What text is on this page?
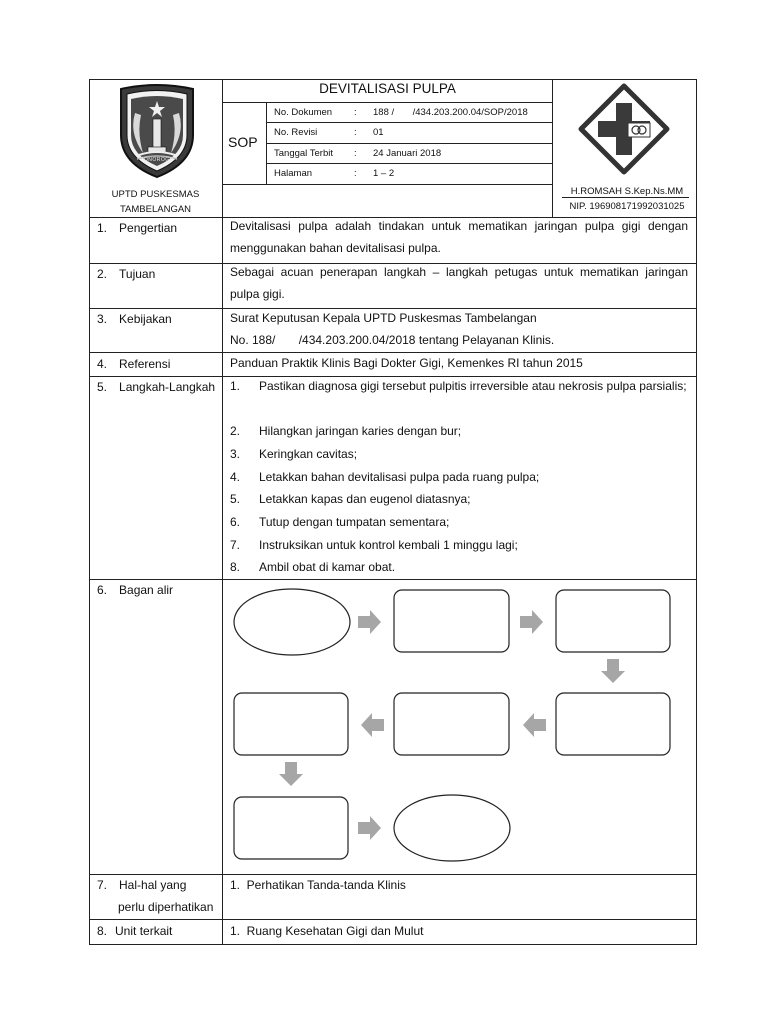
PONOROGO
UPTD PUSKESMAS
TAMBELANGAN
DEVITALISASI PULPA
SOP
No. Dokumen : 188 /       /434.203.200.04/SOP/2018
No. Revisi	: 01
Tanggal Terbit : 24 Januari 2018
Halaman	: 1 – 2
H.ROMSAH S.Kep.Ns.MM
NIP. 196908171992031025
1. Pengertian
2. Tujuan
3. Kebijakan
4. Referensi
5. Langkah-Langkah
6. Bagan alir
7. Hal-hal yang
perlu diperhatikan
8. Unit terkait
Devitalisasi pulpa adalah tindakan untuk mematikan jaringan pulpa gigi dengan menggunakan bahan devitalisasi pulpa.
Sebagai acuan penerapan langkah – langkah petugas untuk mematikan jaringan pulpa gigi.
Surat Keputusan Kepala UPTD Puskesmas Tambelangan
No. 188/       /434.203.200.04/2018 tentang Pelayanan Klinis.
Panduan Praktik Klinis Bagi Dokter Gigi, Kemenkes RI tahun 2015
1. Pastikan diagnosa gigi tersebut pulpitis irreversible atau nekrosis pulpa parsialis;
2. Hilangkan jaringan karies dengan bur;
3. Keringkan cavitas;
4. Letakkan bahan devitalisasi pulpa pada ruang pulpa;
5. Letakkan kapas dan eugenol diatasnya;
6. Tutup dengan tumpatan sementara;
7. Instruksikan untuk kontrol kembali 1 minggu lagi;
8. Ambil obat di kamar obat.
1.  Perhatikan Tanda-tanda Klinis
1.  Ruang Kesehatan Gigi dan Mulut
